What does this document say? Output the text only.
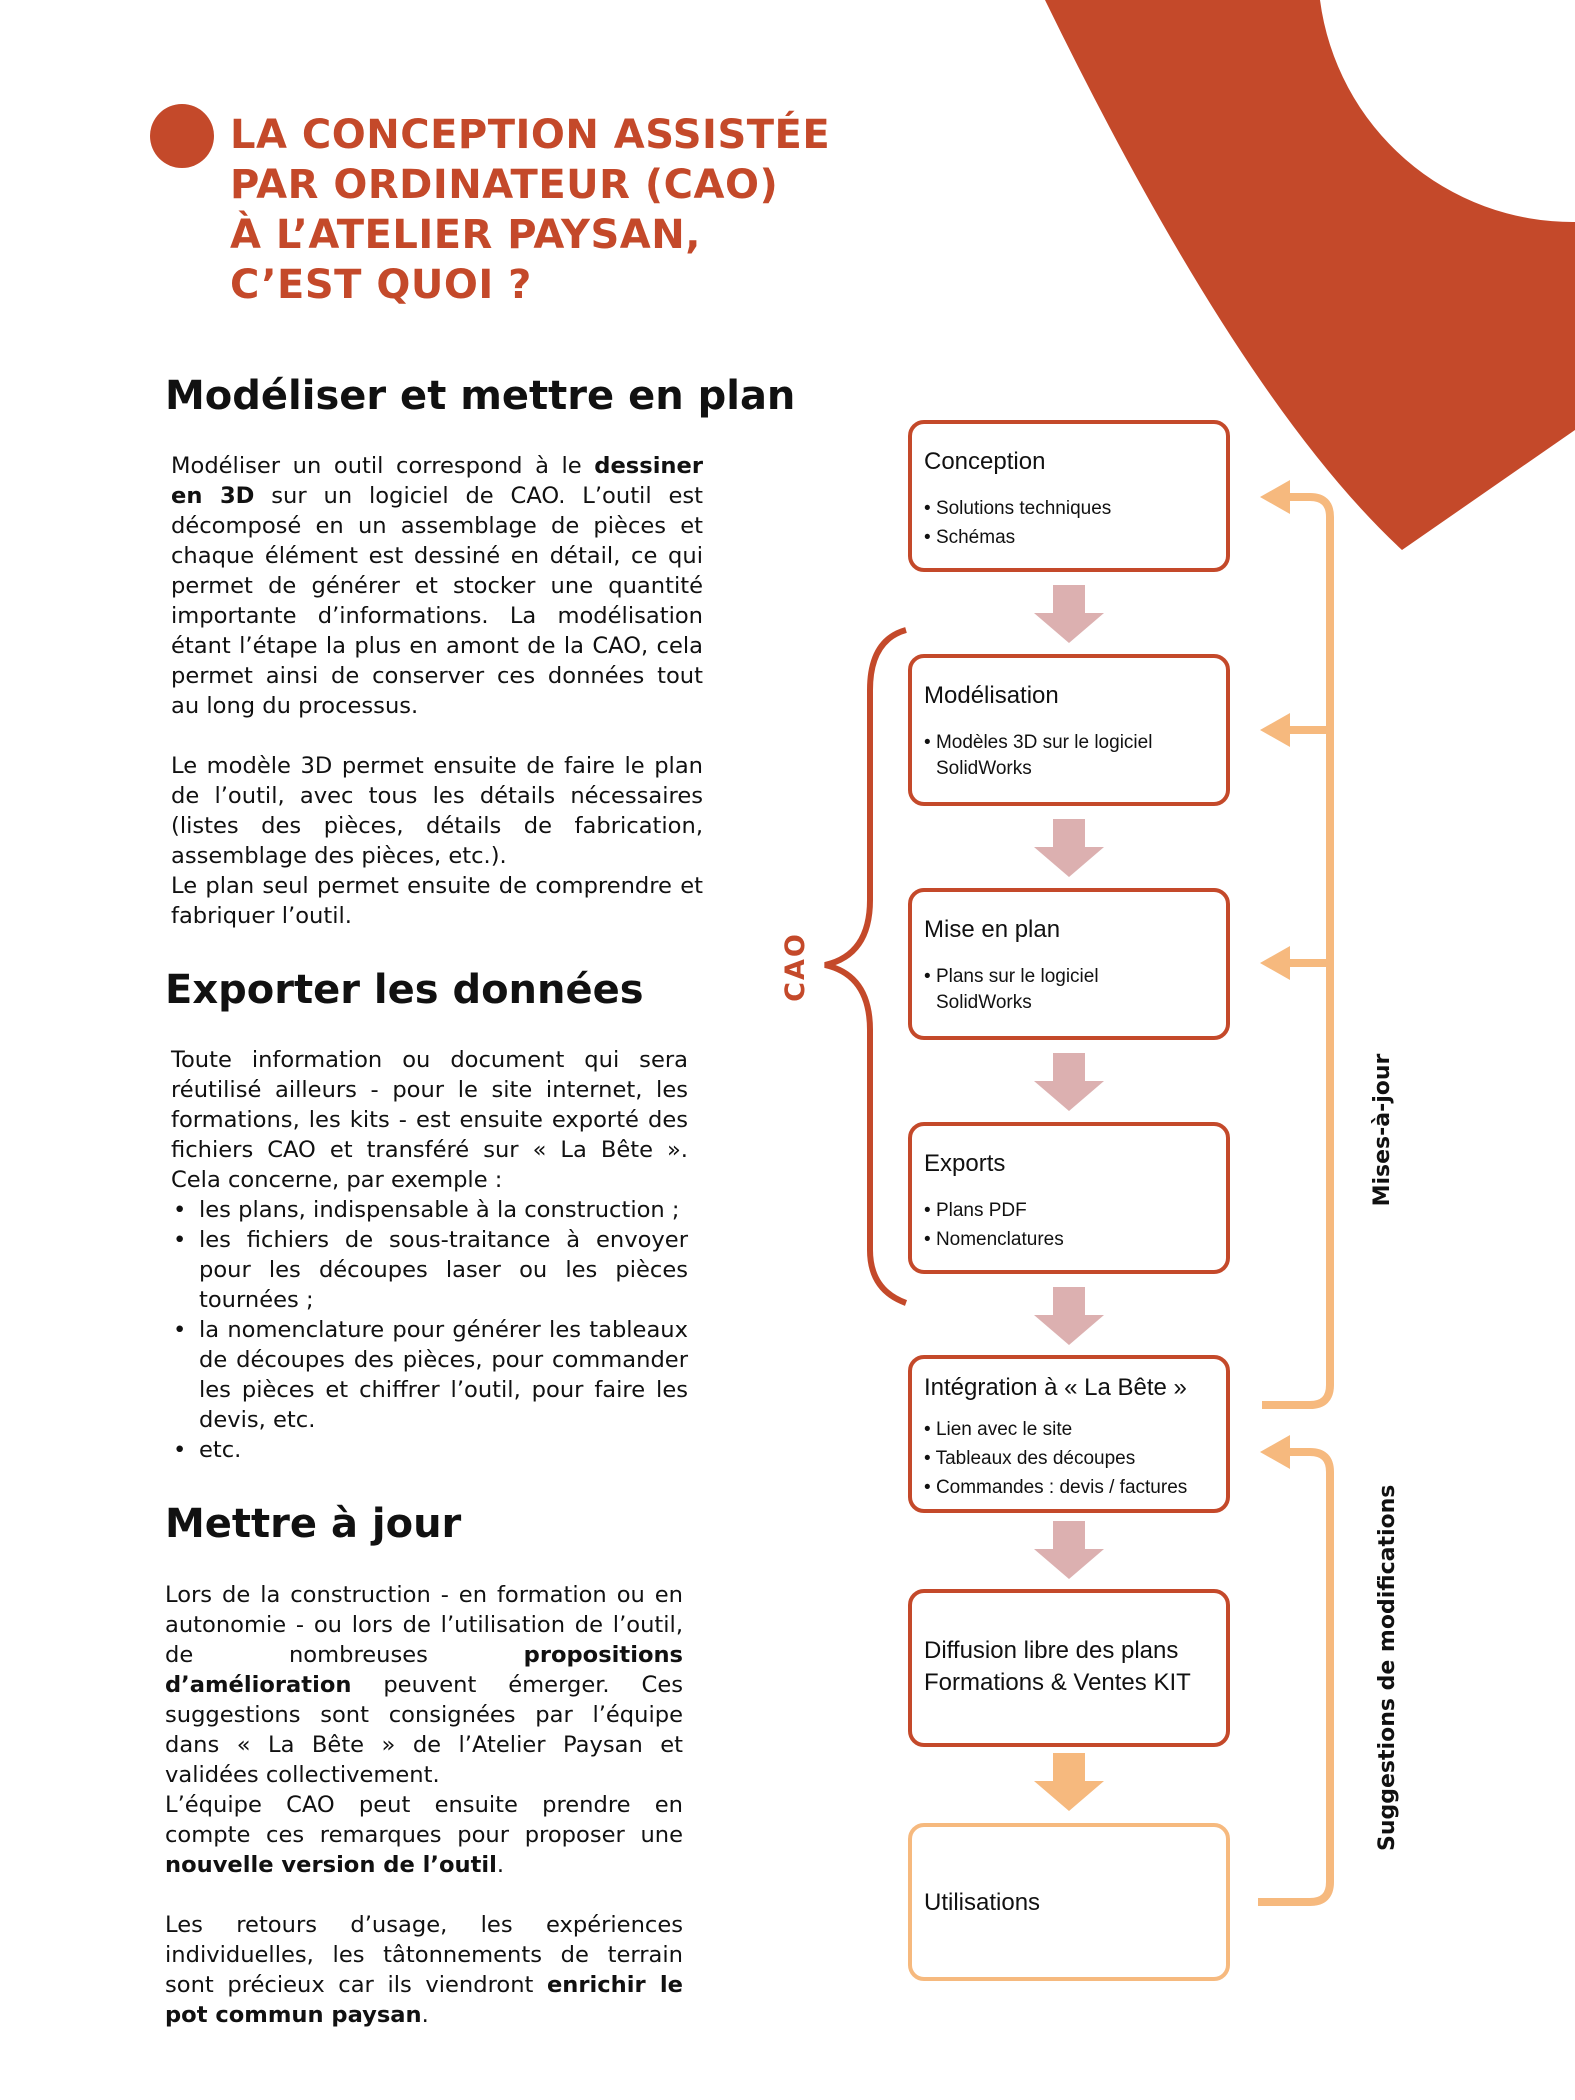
LA CONCEPTION ASSISTÉE
PAR ORDINATEUR (CAO)
À L’ATELIER PAYSAN,
C’EST QUOI ?
Modéliser et mettre en plan

Modéliser un outil correspond à le dessiner en 3D sur un logiciel de CAO. L’outil est décomposé en un assemblage de pièces et chaque élément est dessiné en détail, ce qui permet de générer et stocker une quantité importante d’informations. La modélisation étant l’étape la plus en amont de la CAO, cela permet ainsi de conserver ces données tout au long du processus.

Le modèle 3D permet ensuite de faire le plan de l’outil, avec tous les détails nécessaires (listes des pièces, détails de fabrication, assemblage des pièces, etc.).
Le plan seul permet ensuite de comprendre et fabriquer l’outil.

Exporter les données

Toute information ou document qui sera réutilisé ailleurs - pour le site internet, les formations, les kits - est ensuite exporté des fichiers CAO et transféré sur « La Bête ». Cela concerne, par exemple :

• les plans, indispensable à la construction ;
• les fichiers de sous-traitance à envoyer pour les découpes laser ou les pièces tournées ;
• la nomenclature pour générer les tableaux de découpes des pièces, pour commander les pièces et chiffrer l’outil, pour faire les devis, etc.
• etc.
Mettre à jour

Lors de la construction - en formation ou en autonomie - ou lors de l’utilisation de l’outil, de nombreuses propositions d’amélioration peuvent émerger. Ces suggestions sont consignées par l’équipe dans « La Bête » de l’Atelier Paysan et validées collectivement.
L’équipe CAO peut ensuite prendre en compte ces remarques pour proposer une nouvelle version de l’outil.

Les retours d’usage, les expériences individuelles, les tâtonnements de terrain sont précieux car ils viendront enrichir le pot commun paysan.

Conception
• Solutions techniques
• Schémas
Modélisation
• Modèles 3D sur le logiciel
SolidWorks
Mise en plan
• Plans sur le logiciel
SolidWorks
Exports
• Plans PDF
• Nomenclatures
Intégration à « La Bête »
• Lien avec le site
• Tableaux des découpes
• Commandes : devis / factures
Diffusion libre des plans
Formations & Ventes KIT
Utilisations
CAO
Mises-à-jour
Suggestions de modifications
